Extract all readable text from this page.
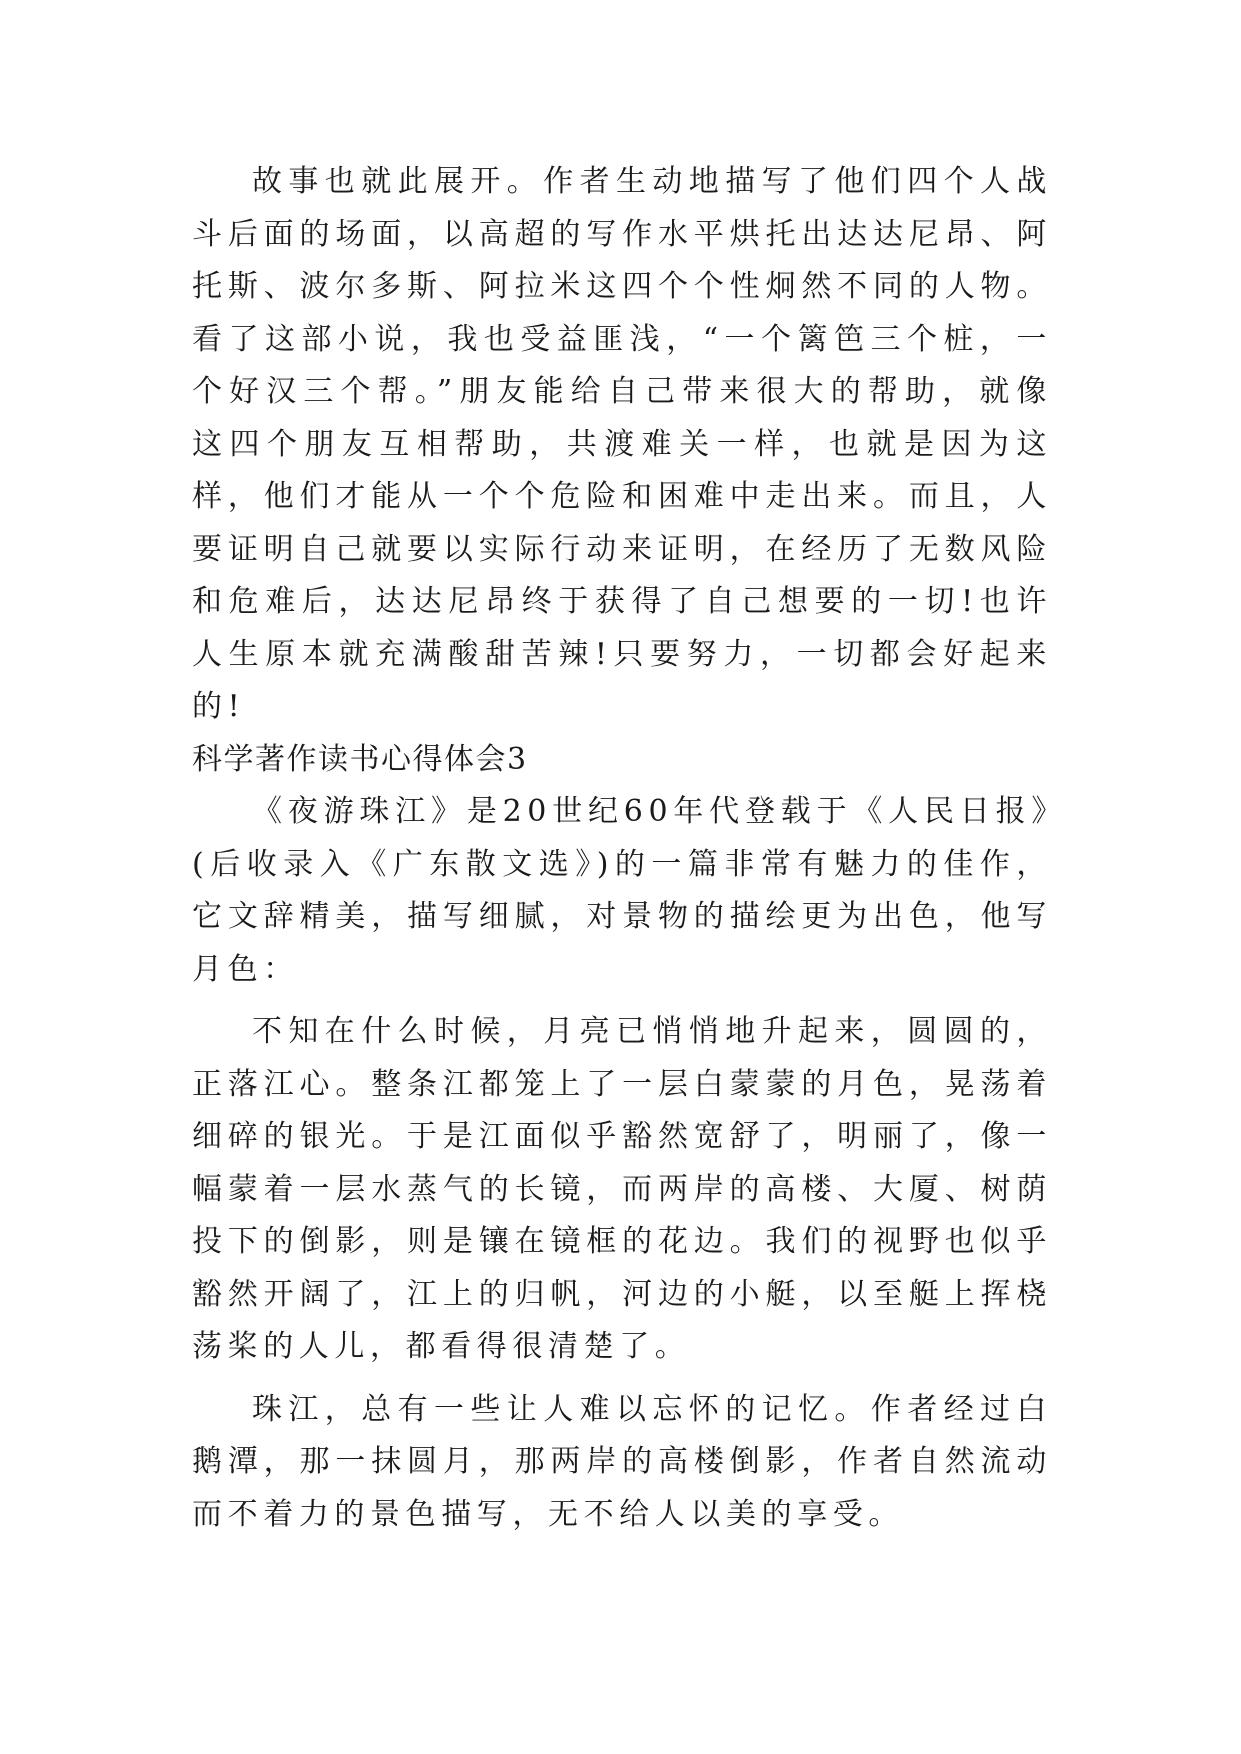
故事也就此展开。作者生动地描写了他们四个人战斗后面的场面，以高超的写作水平烘托出达达尼昂、阿托斯、波尔多斯、阿拉米这四个个性炯然不同的人物。看了这部小说，我也受益匪浅，“一个篱笆三个桩，一个好汉三个帮。”朋友能给自己带来很大的帮助，就像这四个朋友互相帮助，共渡难关一样，也就是因为这样，他们才能从一个个危险和困难中走出来。而且，人要证明自己就要以实际行动来证明，在经历了无数风险和危难后，达达尼昂终于获得了自己想要的一切!也许人生原本就充满酸甜苦辣!只要努力，一切都会好起来的!

科学著作读书心得体会3

《夜游珠江》是20世纪60年代登载于《人民日报》(后收录入《广东散文选》)的一篇非常有魅力的佳作，它文辞精美，描写细腻，对景物的描绘更为出色，他写月色：

不知在什么时候，月亮已悄悄地升起来，圆圆的，正落江心。整条江都笼上了一层白蒙蒙的月色，晃荡着细碎的银光。于是江面似乎豁然宽舒了，明丽了，像一幅蒙着一层水蒸气的长镜，而两岸的高楼、大厦、树荫投下的倒影，则是镶在镜框的花边。我们的视野也似乎豁然开阔了，江上的归帆，河边的小艇，以至艇上挥桡荡桨的人儿，都看得很清楚了。

珠江，总有一些让人难以忘怀的记忆。作者经过白鹅潭，那一抹圆月，那两岸的高楼倒影，作者自然流动而不着力的景色描写，无不给人以美的享受。
